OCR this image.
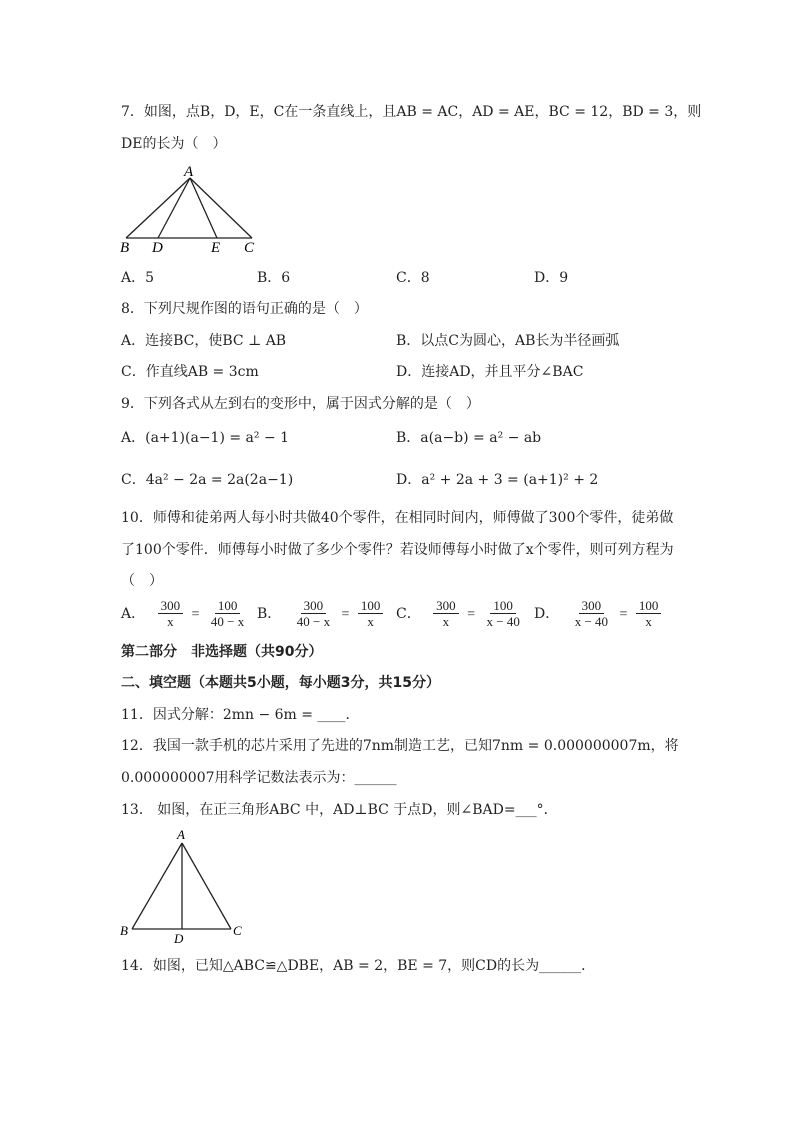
7．如图，点B，D，E，C在一条直线上，且AB = AC，AD = AE，BC = 12，BD = 3，则
DE的长为（　）
A
B D	E C
A．5	B．6	C．8	D．9
8．下列尺规作图的语句正确的是（　）
A．连接BC，使BC ⊥ AB	B．以点C为圆心，AB长为半径画弧
C．作直线AB = 3cm	D．连接AD，并且平分∠BAC
9．下列各式从左到右的变形中，属于因式分解的是（　）
A．(a+1)(a−1) = a² − 1	B．a(a−b) = a² − ab
C．4a² − 2a = 2a(2a−1)	D．a² + 2a + 3 = (a+1)² + 2
10．师傅和徒弟两人每小时共做40个零件，在相同时间内，师傅做了300个零件，徒弟做
了100个零件．师傅每小时做了多少个零件？若设师傅每小时做了x个零件，则可列方程为
（　）
A． $\frac{300}{x} = \frac{100}{40 - x}$ B． $\frac{300}{40 - x} = \frac{100}{x}$ C． $\frac{300}{x} = \frac{100}{x - 40}$ D． $\frac{300}{x - 40} = \frac{100}{x}$
第二部分　非选择题（共90分）
二、填空题（本题共5小题，每小题3分，共15分）
11．因式分解：2mn − 6m = ____．
12．我国一款手机的芯片采用了先进的7nm制造工艺，已知7nm = 0.000000007m，将
0.000000007用科学记数法表示为：______
13． 如图，在正三角形ABC 中，AD⊥BC 于点D，则∠BAD=___°．
A
B
D
C
14．如图，已知△ABC≌△DBE，AB = 2，BE = 7，则CD的长为______．
